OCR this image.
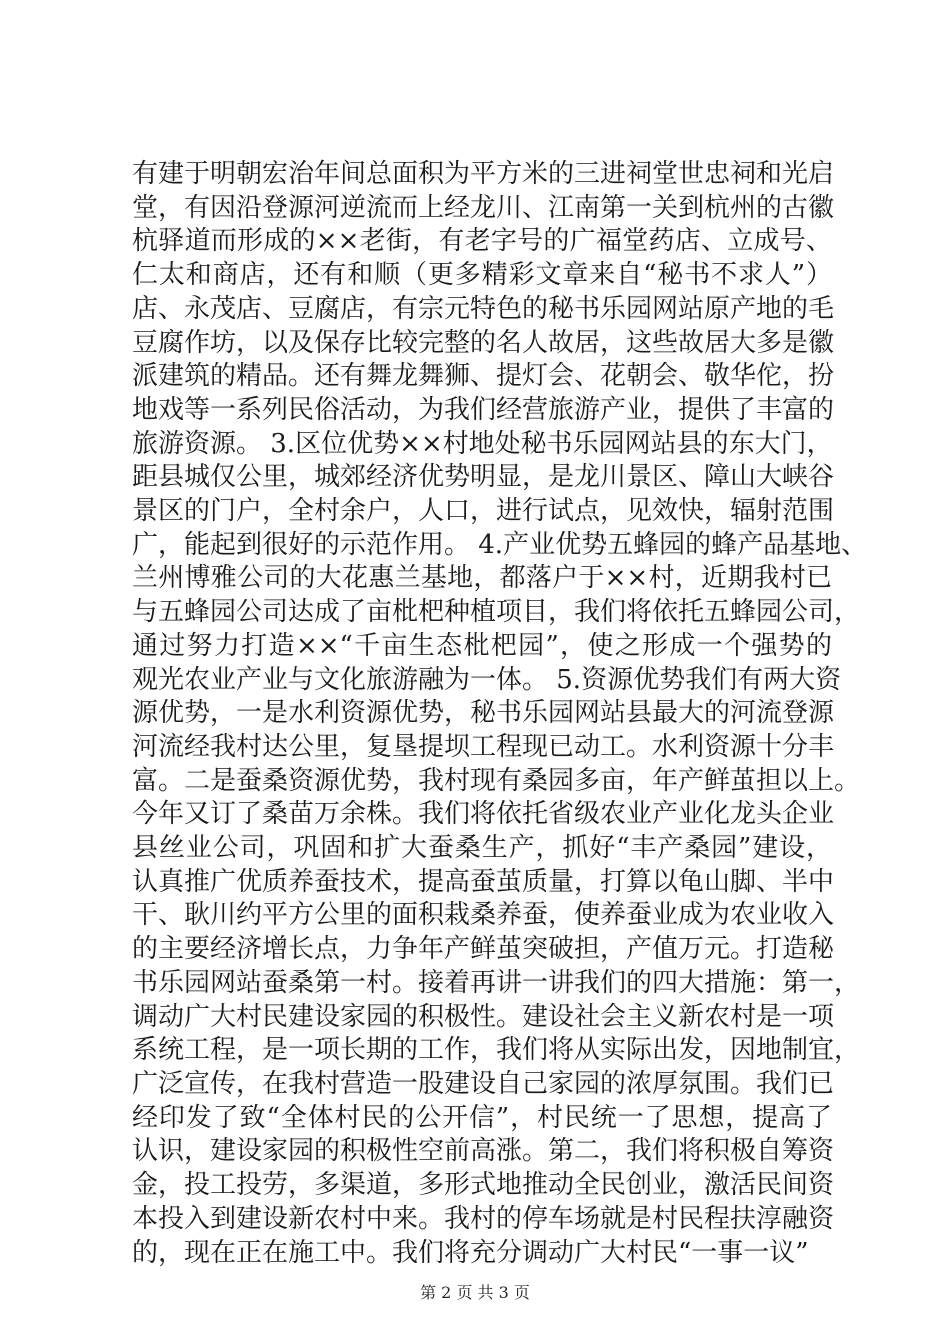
有建于明朝宏治年间总面积为平方米的三进祠堂世忠祠和光启
堂，有因沿登源河逆流而上经龙川、江南第一关到杭州的古徽
杭驿道而形成的××老街，有老字号的广福堂药店、立成号、
仁太和商店，还有和顺（更多精彩文章来自“秘书不求人”）
店、永茂店、豆腐店，有宗元特色的秘书乐园网站原产地的毛
豆腐作坊，以及保存比较完整的名人故居，这些故居大多是徽
派建筑的精品。还有舞龙舞狮、提灯会、花朝会、敬华佗，扮
地戏等一系列民俗活动，为我们经营旅游产业，提供了丰富的
旅游资源。 3.区位优势××村地处秘书乐园网站县的东大门，
距县城仅公里，城郊经济优势明显，是龙川景区、障山大峡谷
景区的门户，全村余户，人口，进行试点，见效快，辐射范围
广，能起到很好的示范作用。 4.产业优势五蜂园的蜂产品基地、
兰州博雅公司的大花惠兰基地，都落户于××村，近期我村已
与五蜂园公司达成了亩枇杷种植项目，我们将依托五蜂园公司，
通过努力打造××“千亩生态枇杷园”，使之形成一个强势的
观光农业产业与文化旅游融为一体。 5.资源优势我们有两大资
源优势，一是水利资源优势，秘书乐园网站县最大的河流登源
河流经我村达公里，复垦提坝工程现已动工。水利资源十分丰
富。二是蚕桑资源优势，我村现有桑园多亩，年产鲜茧担以上。
今年又订了桑苗万余株。我们将依托省级农业产业化龙头企业
县丝业公司，巩固和扩大蚕桑生产，抓好“丰产桑园”建设，
认真推广优质养蚕技术，提高蚕茧质量，打算以龟山脚、半中
干、耿川约平方公里的面积栽桑养蚕，使养蚕业成为农业收入
的主要经济增长点，力争年产鲜茧突破担，产值万元。打造秘
书乐园网站蚕桑第一村。接着再讲一讲我们的四大措施：第一，
调动广大村民建设家园的积极性。建设社会主义新农村是一项
系统工程，是一项长期的工作，我们将从实际出发，因地制宜，
广泛宣传，在我村营造一股建设自己家园的浓厚氛围。我们已
经印发了致“全体村民的公开信”，村民统一了思想，提高了
认识，建设家园的积极性空前高涨。第二，我们将积极自筹资
金，投工投劳，多渠道，多形式地推动全民创业，激活民间资
本投入到建设新农村中来。我村的停车场就是村民程扶淳融资
的，现在正在施工中。我们将充分调动广大村民“一事一议”
第 2 页 共 3 页
